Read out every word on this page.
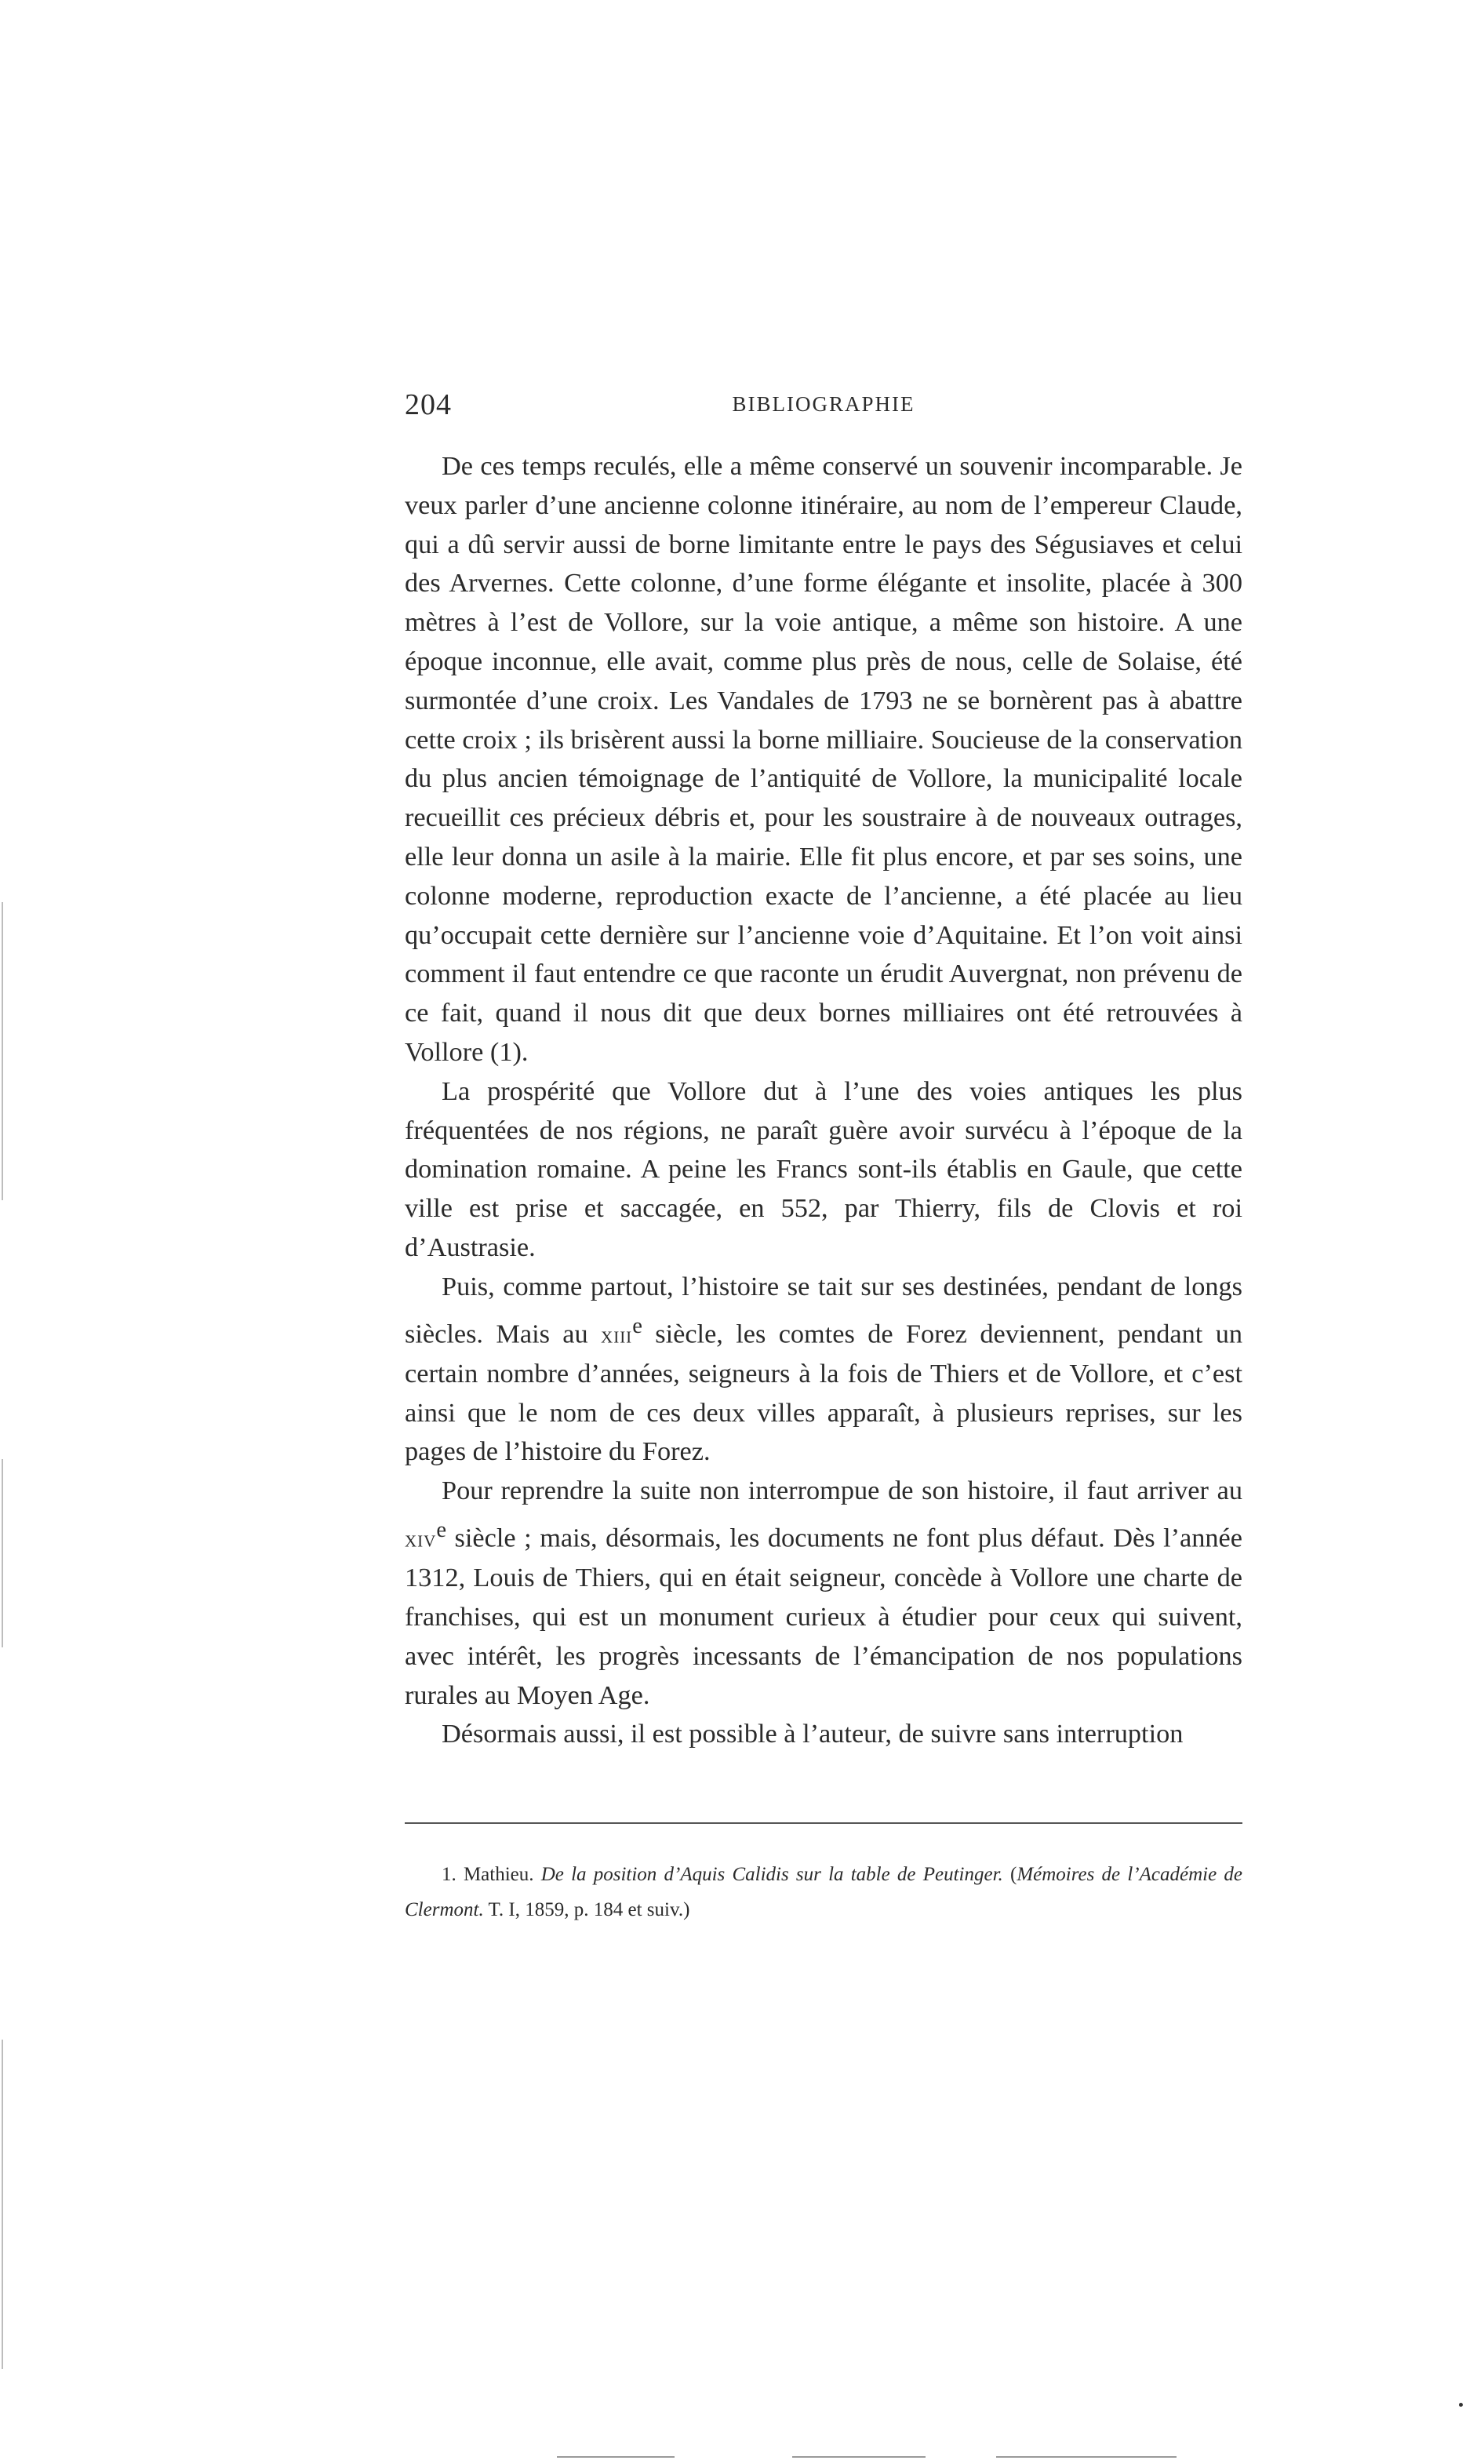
204	BIBLIOGRAPHIE

De ces temps reculés, elle a même conservé un souvenir incomparable. Je veux parler d’une ancienne colonne itinéraire, au nom de l’empereur Claude, qui a dû servir aussi de borne limitante entre le pays des Ségusiaves et celui des Arvernes. Cette colonne, d’une forme élégante et insolite, placée à 300 mètres à l’est de Vollore, sur la voie antique, a même son histoire. A une époque inconnue, elle avait, comme plus près de nous, celle de Solaise, été surmontée d’une croix. Les Vandales de 1793 ne se bornèrent pas à abattre cette croix ; ils brisèrent aussi la borne milliaire. Soucieuse de la conservation du plus ancien témoignage de l’antiquité de Vollore, la municipalité locale recueillit ces précieux débris et, pour les soustraire à de nouveaux outrages, elle leur donna un asile à la mairie. Elle fit plus encore, et par ses soins, une colonne moderne, reproduction exacte de l’ancienne, a été placée au lieu qu’occupait cette dernière sur l’ancienne voie d’Aquitaine. Et l’on voit ainsi comment il faut entendre ce que raconte un érudit Auvergnat, non prévenu de ce fait, quand il nous dit que deux bornes milliaires ont été retrouvées à Vollore (1).

La prospérité que Vollore dut à l’une des voies antiques les plus fréquentées de nos régions, ne paraît guère avoir survécu à l’époque de la domination romaine. A peine les Francs sont-ils établis en Gaule, que cette ville est prise et saccagée, en 552, par Thierry, fils de Clovis et roi d’Austrasie.

Puis, comme partout, l’histoire se tait sur ses destinées, pendant de longs siècles. Mais au xiii$^e$ siècle, les comtes de Forez deviennent, pendant un certain nombre d’années, seigneurs à la fois de Thiers et de Vollore, et c’est ainsi que le nom de ces deux villes apparaît, à plusieurs reprises, sur les pages de l’histoire du Forez.

Pour reprendre la suite non interrompue de son histoire, il faut arriver au xiv$^e$ siècle ; mais, désormais, les documents ne font plus défaut. Dès l’année 1312, Louis de Thiers, qui en était seigneur, concède à Vollore une charte de franchises, qui est un monument curieux à étudier pour ceux qui suivent, avec intérêt, les progrès incessants de l’émancipation de nos populations rurales au Moyen Age.

Désormais aussi, il est possible à l’auteur, de suivre sans interruption

1. Mathieu. De la position d’Aquis Calidis sur la table de Peutinger. (Mémoires de l’Académie de Clermont. T. I, 1859, p. 184 et suiv.)
